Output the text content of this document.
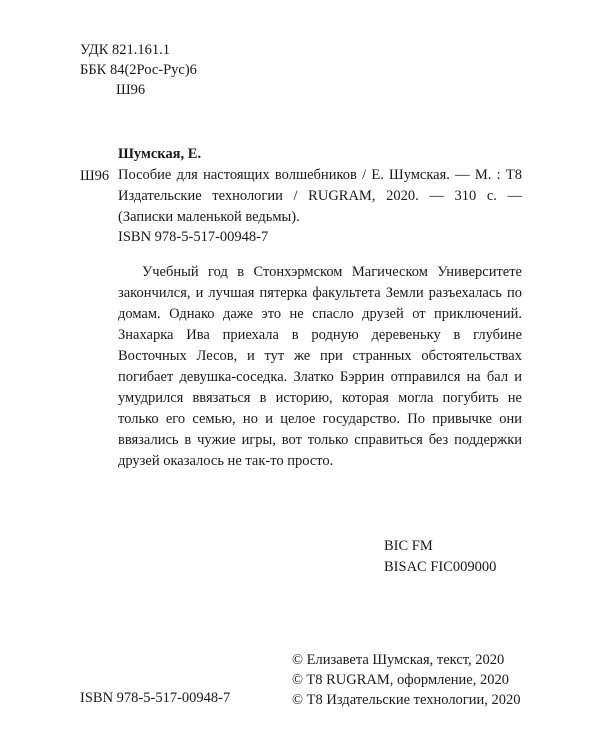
УДК 821.161.1
ББК 84(2Рос-Рус)6
Ш96
Ш96
Шумская, Е.
Пособие для настоящих волшебников / Е. Шумская. — М. : Т8 Издательские технологии / RUGRAM, 2020. — 310 с. — (Записки маленькой ведьмы).
ISBN 978-5-517-00948-7
Учебный год в Стонхэрмском Магическом Университете закончился, и лучшая пятерка факультета Земли разъехалась по домам. Однако даже это не спасло друзей от приключений. Знахарка Ива приехала в родную деревеньку в глубине Восточных Лесов, и тут же при странных обстоятельствах погибает девушка-соседка. Златко Бэррин отправился на бал и умудрился ввязаться в историю, которая могла погубить не только его семью, но и целое государство. По привычке они ввязались в чужие игры, вот только справиться без поддержки друзей оказалось не так-то просто.
BIC FM
BISAC FIC009000
© Елизавета Шумская, текст, 2020
© T8 RUGRAM, оформление, 2020
© Т8 Издательские технологии, 2020
ISBN 978-5-517-00948-7
